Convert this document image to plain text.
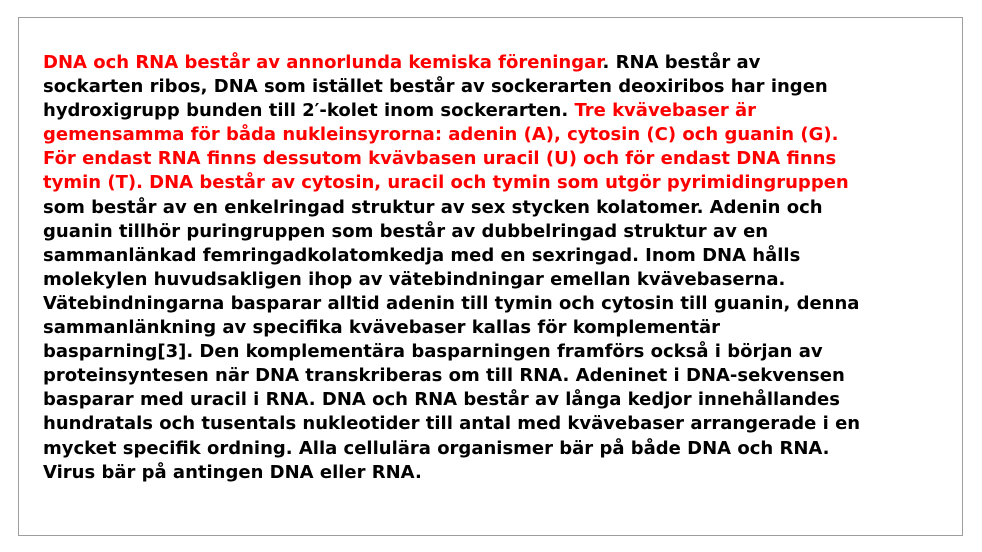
DNA och RNA består av annorlunda kemiska föreningar. RNA består av
sockarten ribos, DNA som istället består av sockerarten deoxiribos har ingen
hydroxigrupp bunden till 2′-kolet inom sockerarten. Tre kvävebaser är
gemensamma för båda nukleinsyrorna: adenin (A), cytosin (C) och guanin (G).
För endast RNA finns dessutom kvävbasen uracil (U) och för endast DNA finns
tymin (T). DNA består av cytosin, uracil och tymin som utgör pyrimidingruppen
som består av en enkelringad struktur av sex stycken kolatomer. Adenin och
guanin tillhör puringruppen som består av dubbelringad struktur av en
sammanlänkad femringadkolatomkedja med en sexringad. Inom DNA hålls
molekylen huvudsakligen ihop av vätebindningar emellan kvävebaserna.
Vätebindningarna basparar alltid adenin till tymin och cytosin till guanin, denna
sammanlänkning av specifika kvävebaser kallas för komplementär
basparning[3]. Den komplementära basparningen framförs också i början av
proteinsyntesen när DNA transkriberas om till RNA. Adeninet i DNA-sekvensen
basparar med uracil i RNA. DNA och RNA består av långa kedjor innehållandes
hundratals och tusentals nukleotider till antal med kvävebaser arrangerade i en
mycket specifik ordning. Alla cellulära organismer bär på både DNA och RNA.
Virus bär på antingen DNA eller RNA.
